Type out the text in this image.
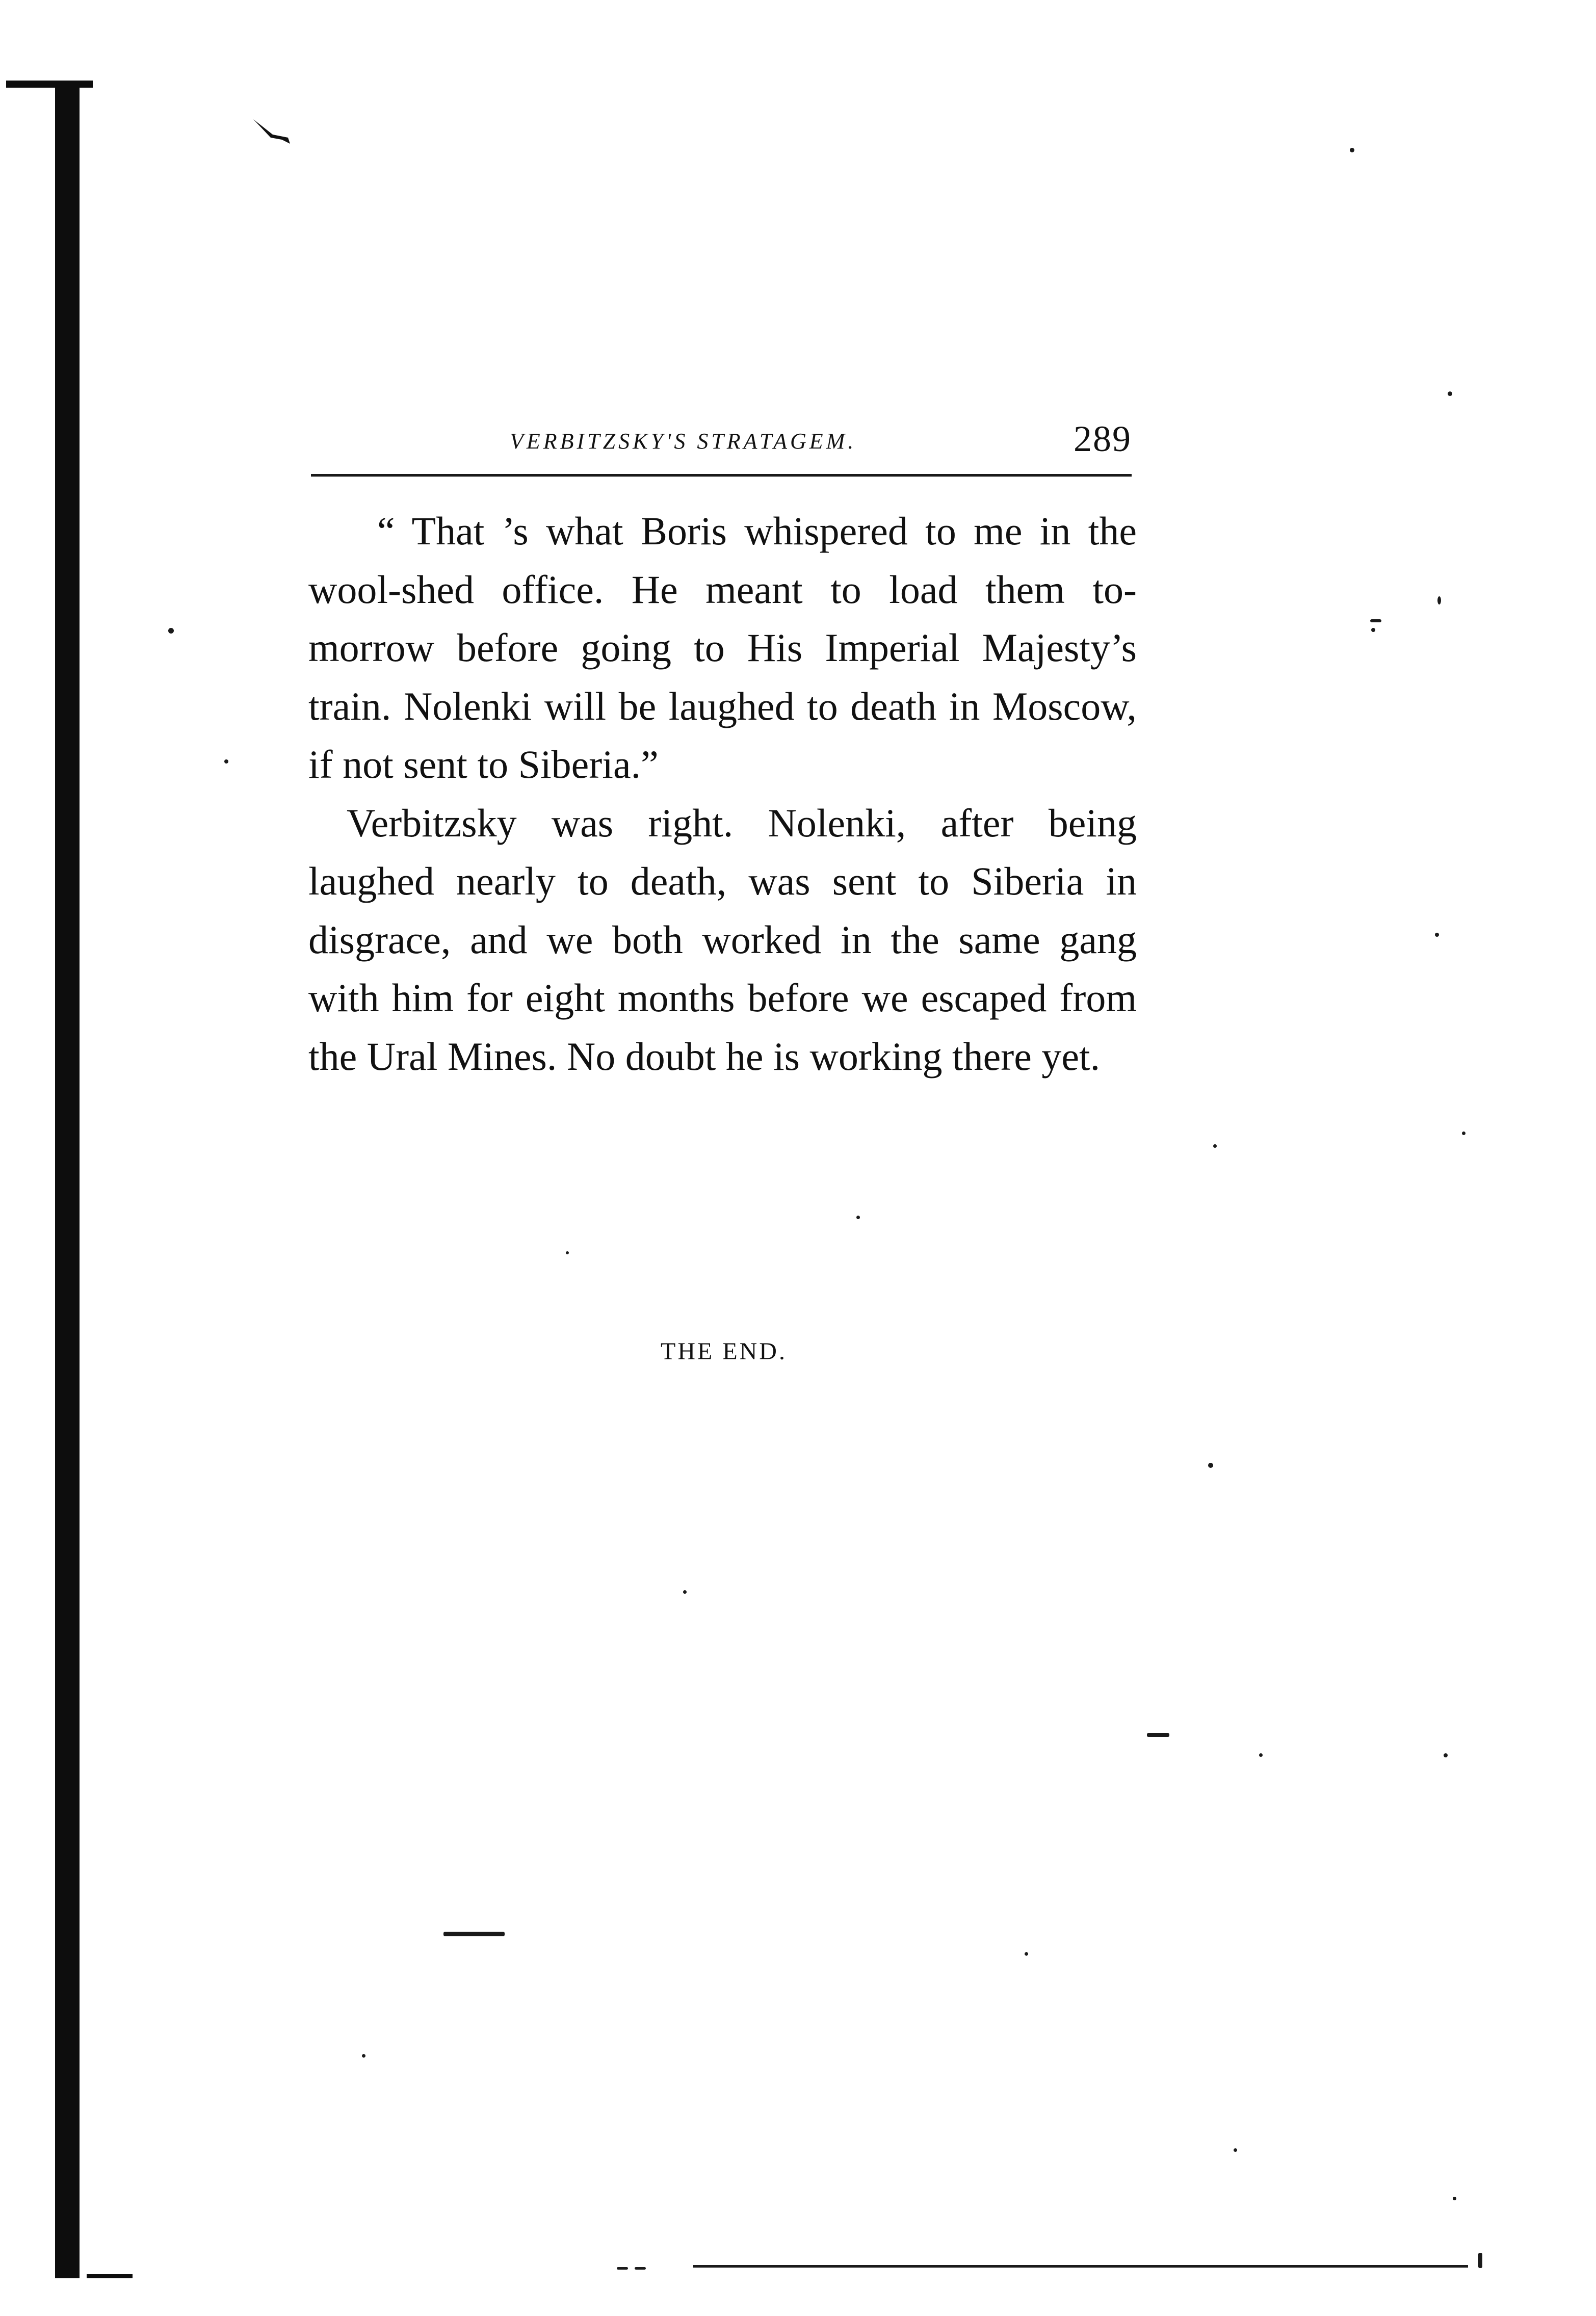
VERBITZSKY'S STRATAGEM.	289

“ That ’s what Boris whispered to me in the wool-shed office. He meant to load them to-morrow before going to His Imperial Majesty’s train. Nolenki will be laughed to death in Moscow, if not sent to Siberia.”

Verbitzsky was right. Nolenki, after being laughed nearly to death, was sent to Siberia in disgrace, and we both worked in the same gang with him for eight months before we escaped from the Ural Mines. No doubt he is working there yet.

THE END.
